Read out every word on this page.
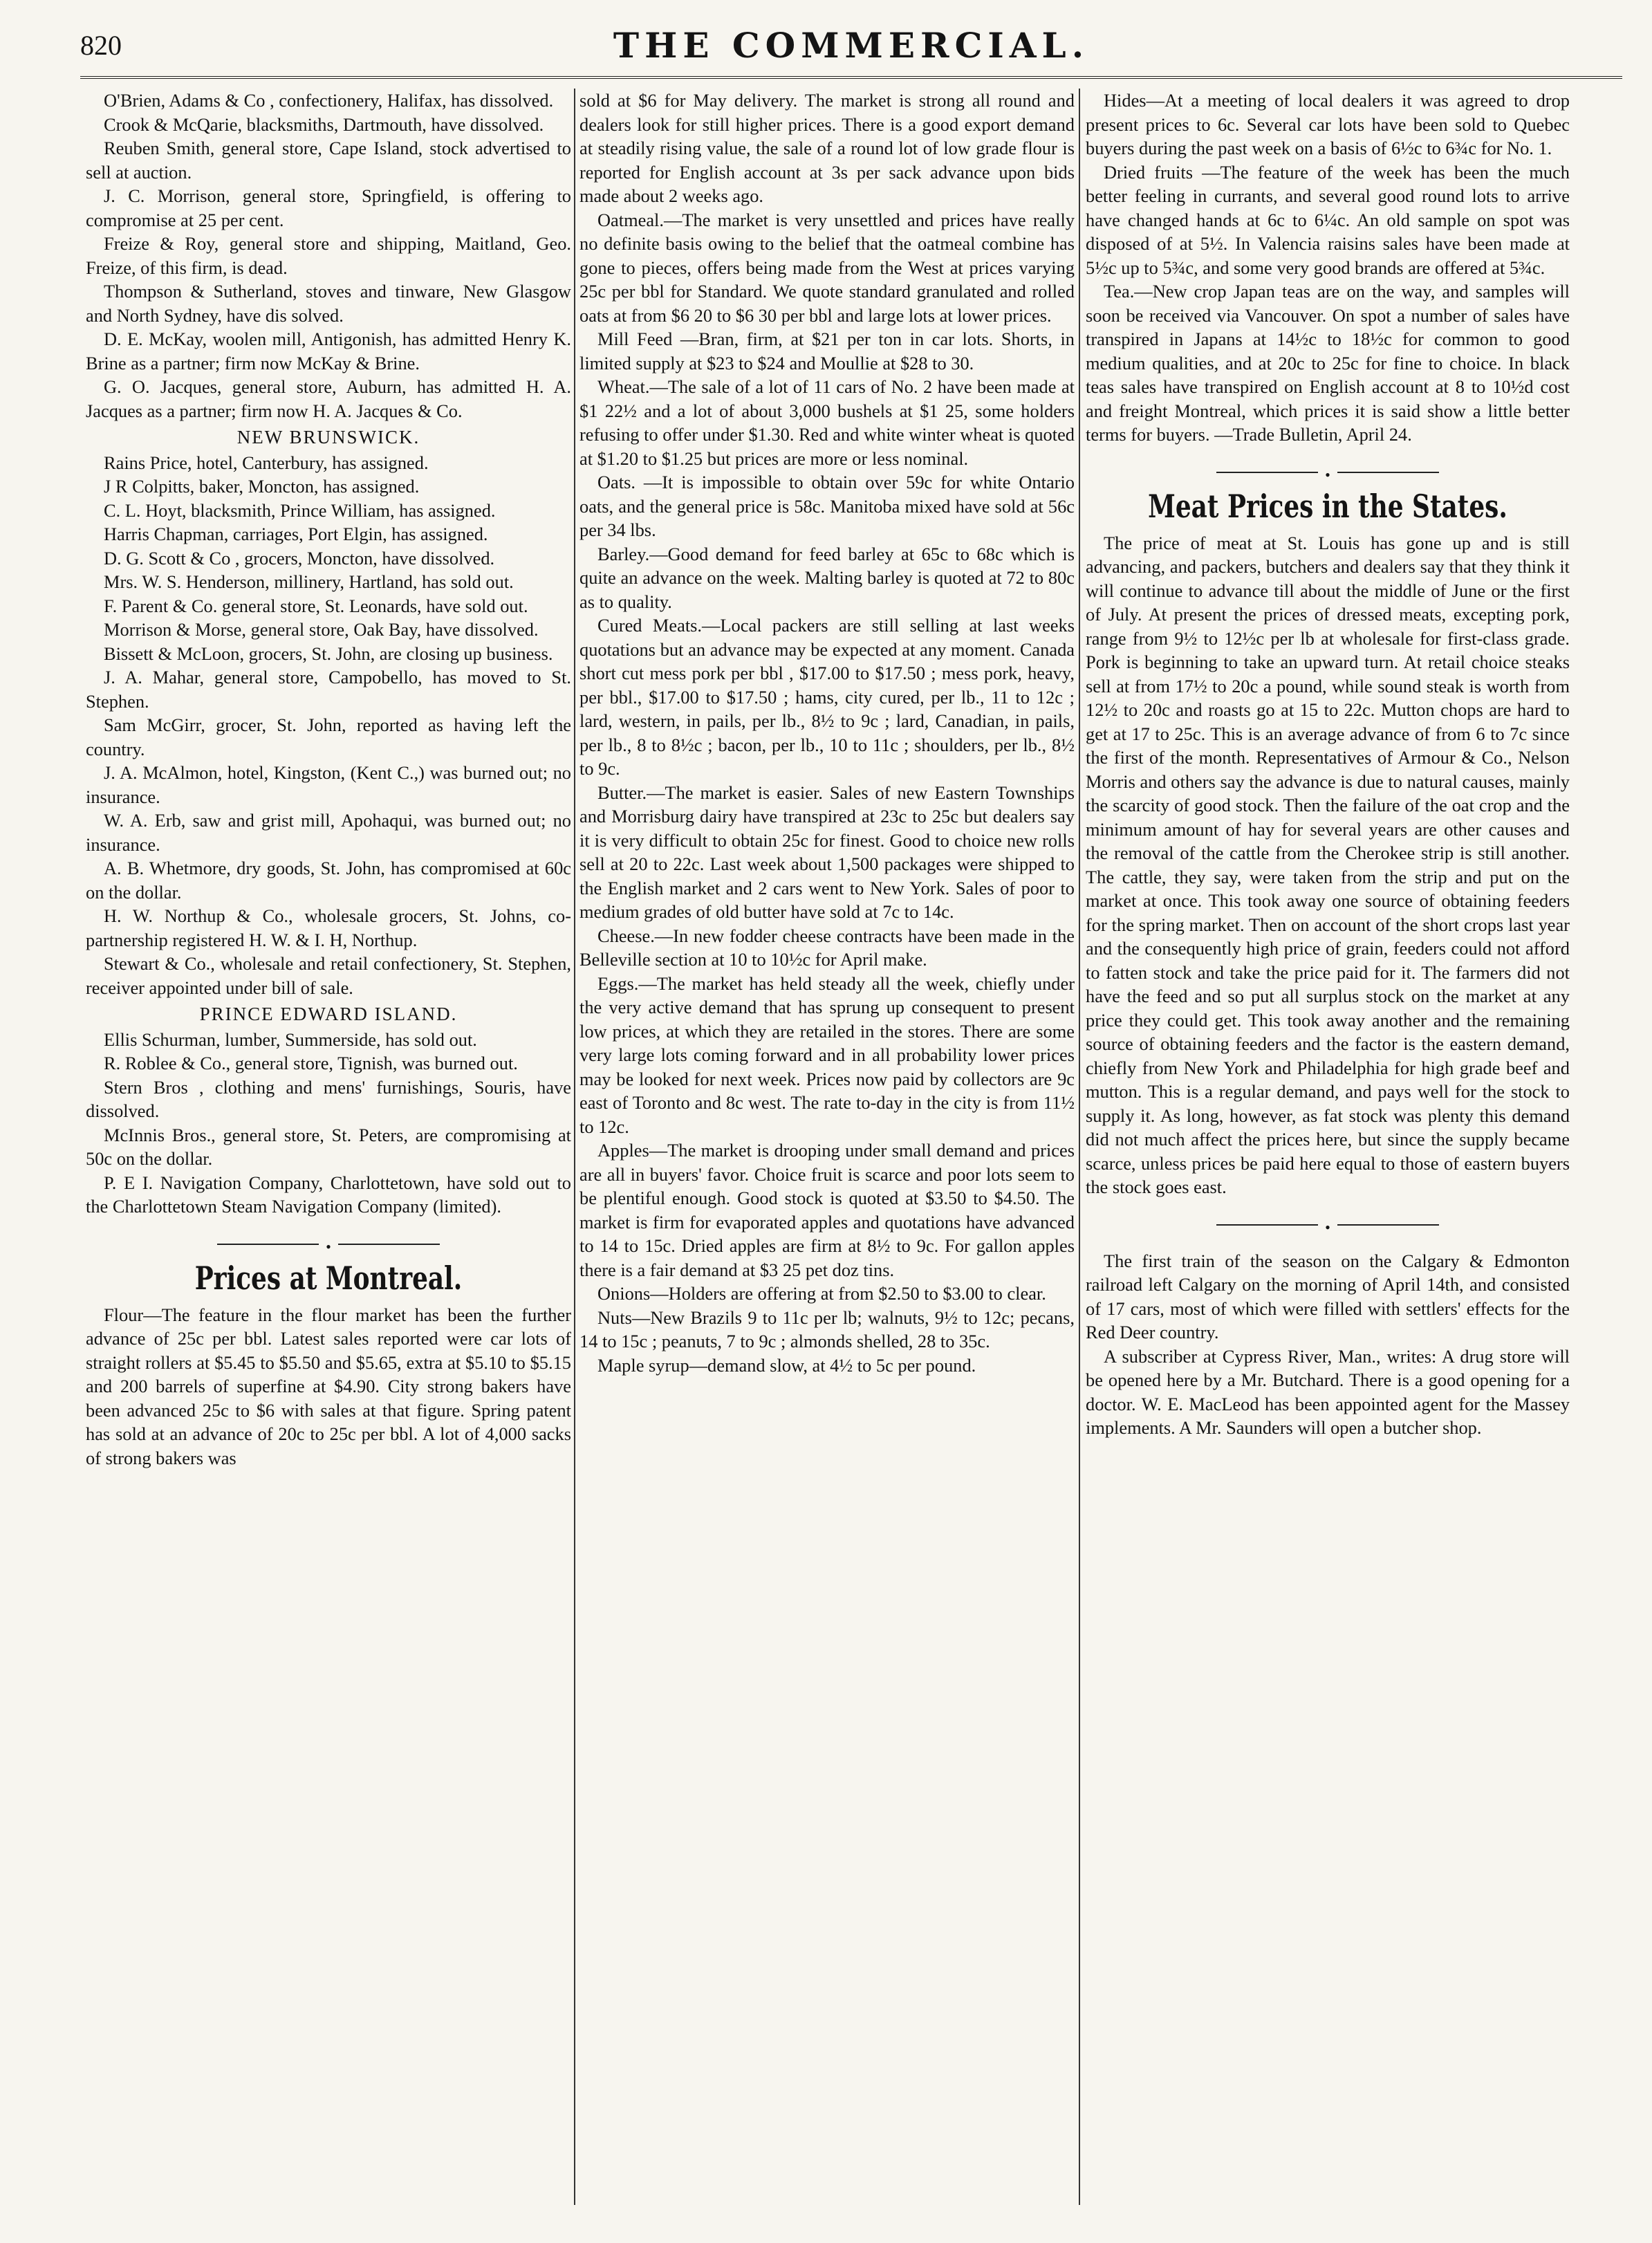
820	THE COMMERCIAL.

O'Brien, Adams & Co , confectionery, Halifax, has dissolved.

Crook & McQarie, blacksmiths, Dartmouth, have dissolved.

Reuben Smith, general store, Cape Island, stock advertised to sell at auction.

J. C. Morrison, general store, Springfield, is offering to compromise at 25 per cent.

Freize & Roy, general store and shipping, Maitland, Geo. Freize, of this firm, is dead.

Thompson & Sutherland, stoves and tinware, New Glasgow and North Sydney, have dis solved.

D. E. McKay, woolen mill, Antigonish, has admitted Henry K. Brine as a partner; firm now McKay & Brine.

G. O. Jacques, general store, Auburn, has admitted H. A. Jacques as a partner; firm now H. A. Jacques & Co.

NEW BRUNSWICK.

Rains Price, hotel, Canterbury, has assigned.

J R Colpitts, baker, Moncton, has assigned.

C. L. Hoyt, blacksmith, Prince William, has assigned.

Harris Chapman, carriages, Port Elgin, has assigned.

D. G. Scott & Co , grocers, Moncton, have dissolved.

Mrs. W. S. Henderson, millinery, Hartland, has sold out.

F. Parent & Co. general store, St. Leonards, have sold out.

Morrison & Morse, general store, Oak Bay, have dissolved.

Bissett & McLoon, grocers, St. John, are closing up business.

J. A. Mahar, general store, Campobello, has moved to St. Stephen.

Sam McGirr, grocer, St. John, reported as having left the country.

J. A. McAlmon, hotel, Kingston, (Kent C.,) was burned out; no insurance.

W. A. Erb, saw and grist mill, Apohaqui, was burned out; no insurance.

A. B. Whetmore, dry goods, St. John, has compromised at 60c on the dollar.

H. W. Northup & Co., wholesale grocers, St. Johns, co-partnership registered H. W. & I. H, Northup.

Stewart & Co., wholesale and retail confectionery, St. Stephen, receiver appointed under bill of sale.

PRINCE EDWARD ISLAND.

Ellis Schurman, lumber, Summerside, has sold out.

R. Roblee & Co., general store, Tignish, was burned out.

Stern Bros , clothing and mens' furnishings, Souris, have dissolved.

McInnis Bros., general store, St. Peters, are compromising at 50c on the dollar.

P. E I. Navigation Company, Charlottetown, have sold out to the Charlottetown Steam Navigation Company (limited).

•
Prices at Montreal.

Flour—The feature in the flour market has been the further advance of 25c per bbl. Latest sales reported were car lots of straight rollers at $5.45 to $5.50 and $5.65, extra at $5.10 to $5.15 and 200 barrels of superfine at $4.90. City strong bakers have been advanced 25c to $6 with sales at that figure. Spring patent has sold at an advance of 20c to 25c per bbl. A lot of 4,000 sacks of strong bakers was

sold at $6 for May delivery. The market is strong all round and dealers look for still higher prices. There is a good export demand at steadily rising value, the sale of a round lot of low grade flour is reported for English account at 3s per sack advance upon bids made about 2 weeks ago.

Oatmeal.—The market is very unsettled and prices have really no definite basis owing to the belief that the oatmeal combine has gone to pieces, offers being made from the West at prices varying 25c per bbl for Standard. We quote standard granulated and rolled oats at from $6 20 to $6 30 per bbl and large lots at lower prices.

Mill Feed —Bran, firm, at $21 per ton in car lots. Shorts, in limited supply at $23 to $24 and Moullie at $28 to 30.

Wheat.—The sale of a lot of 11 cars of No. 2 have been made at $1 22½ and a lot of about 3,000 bushels at $1 25, some holders refusing to offer under $1.30. Red and white winter wheat is quoted at $1.20 to $1.25 but prices are more or less nominal.

Oats. —It is impossible to obtain over 59c for white Ontario oats, and the general price is 58c. Manitoba mixed have sold at 56c per 34 lbs.

Barley.—Good demand for feed barley at 65c to 68c which is quite an advance on the week. Malting barley is quoted at 72 to 80c as to quality.

Cured Meats.—Local packers are still selling at last weeks quotations but an advance may be expected at any moment. Canada short cut mess pork per bbl , $17.00 to $17.50 ; mess pork, heavy, per bbl., $17.00 to $17.50 ; hams, city cured, per lb., 11 to 12c ; lard, western, in pails, per lb., 8½ to 9c ; lard, Canadian, in pails, per lb., 8 to 8½c ; bacon, per lb., 10 to 11c ; shoulders, per lb., 8½ to 9c.

Butter.—The market is easier. Sales of new Eastern Townships and Morrisburg dairy have transpired at 23c to 25c but dealers say it is very difficult to obtain 25c for finest. Good to choice new rolls sell at 20 to 22c. Last week about 1,500 packages were shipped to the English market and 2 cars went to New York. Sales of poor to medium grades of old butter have sold at 7c to 14c.

Cheese.—In new fodder cheese contracts have been made in the Belleville section at 10 to 10½c for April make.

Eggs.—The market has held steady all the week, chiefly under the very active demand that has sprung up consequent to present low prices, at which they are retailed in the stores. There are some very large lots coming forward and in all probability lower prices may be looked for next week. Prices now paid by collectors are 9c east of Toronto and 8c west. The rate to-day in the city is from 11½ to 12c.

Apples—The market is drooping under small demand and prices are all in buyers' favor. Choice fruit is scarce and poor lots seem to be plentiful enough. Good stock is quoted at $3.50 to $4.50. The market is firm for evaporated apples and quotations have advanced to 14 to 15c. Dried apples are firm at 8½ to 9c. For gallon apples there is a fair demand at $3 25 pet doz tins.

Onions—Holders are offering at from $2.50 to $3.00 to clear.

Nuts—New Brazils 9 to 11c per lb; walnuts, 9½ to 12c; pecans, 14 to 15c ; peanuts, 7 to 9c ; almonds shelled, 28 to 35c.

Maple syrup—demand slow, at 4½ to 5c per pound.

Hides—At a meeting of local dealers it was agreed to drop present prices to 6c. Several car lots have been sold to Quebec buyers during the past week on a basis of 6½c to 6¾c for No. 1.

Dried fruits —The feature of the week has been the much better feeling in currants, and several good round lots to arrive have changed hands at 6c to 6¼c. An old sample on spot was disposed of at 5½. In Valencia raisins sales have been made at 5½c up to 5¾c, and some very good brands are offered at 5¾c.

Tea.—New crop Japan teas are on the way, and samples will soon be received via Vancouver. On spot a number of sales have transpired in Japans at 14½c to 18½c for common to good medium qualities, and at 20c to 25c for fine to choice. In black teas sales have transpired on English account at 8 to 10½d cost and freight Montreal, which prices it is said show a little better terms for buyers. —Trade Bulletin, April 24.

•
Meat Prices in the States.

The price of meat at St. Louis has gone up and is still advancing, and packers, butchers and dealers say that they think it will continue to advance till about the middle of June or the first of July. At present the prices of dressed meats, excepting pork, range from 9½ to 12½c per lb at wholesale for first-class grade. Pork is beginning to take an upward turn. At retail choice steaks sell at from 17½ to 20c a pound, while sound steak is worth from 12½ to 20c and roasts go at 15 to 22c. Mutton chops are hard to get at 17 to 25c. This is an average advance of from 6 to 7c since the first of the month. Representatives of Armour & Co., Nelson Morris and others say the advance is due to natural causes, mainly the scarcity of good stock. Then the failure of the oat crop and the minimum amount of hay for several years are other causes and the removal of the cattle from the Cherokee strip is still another. The cattle, they say, were taken from the strip and put on the market at once. This took away one source of obtaining feeders for the spring market. Then on account of the short crops last year and the consequently high price of grain, feeders could not afford to fatten stock and take the price paid for it. The farmers did not have the feed and so put all surplus stock on the market at any price they could get. This took away another and the remaining source of obtaining feeders and the factor is the eastern demand, chiefly from New York and Philadelphia for high grade beef and mutton. This is a regular demand, and pays well for the stock to supply it. As long, however, as fat stock was plenty this demand did not much affect the prices here, but since the supply became scarce, unless prices be paid here equal to those of eastern buyers the stock goes east.

•

The first train of the season on the Calgary & Edmonton railroad left Calgary on the morning of April 14th, and consisted of 17 cars, most of which were filled with settlers' effects for the Red Deer country.

A subscriber at Cypress River, Man., writes: A drug store will be opened here by a Mr. Butchard. There is a good opening for a doctor. W. E. MacLeod has been appointed agent for the Massey implements. A Mr. Saunders will open a butcher shop.
